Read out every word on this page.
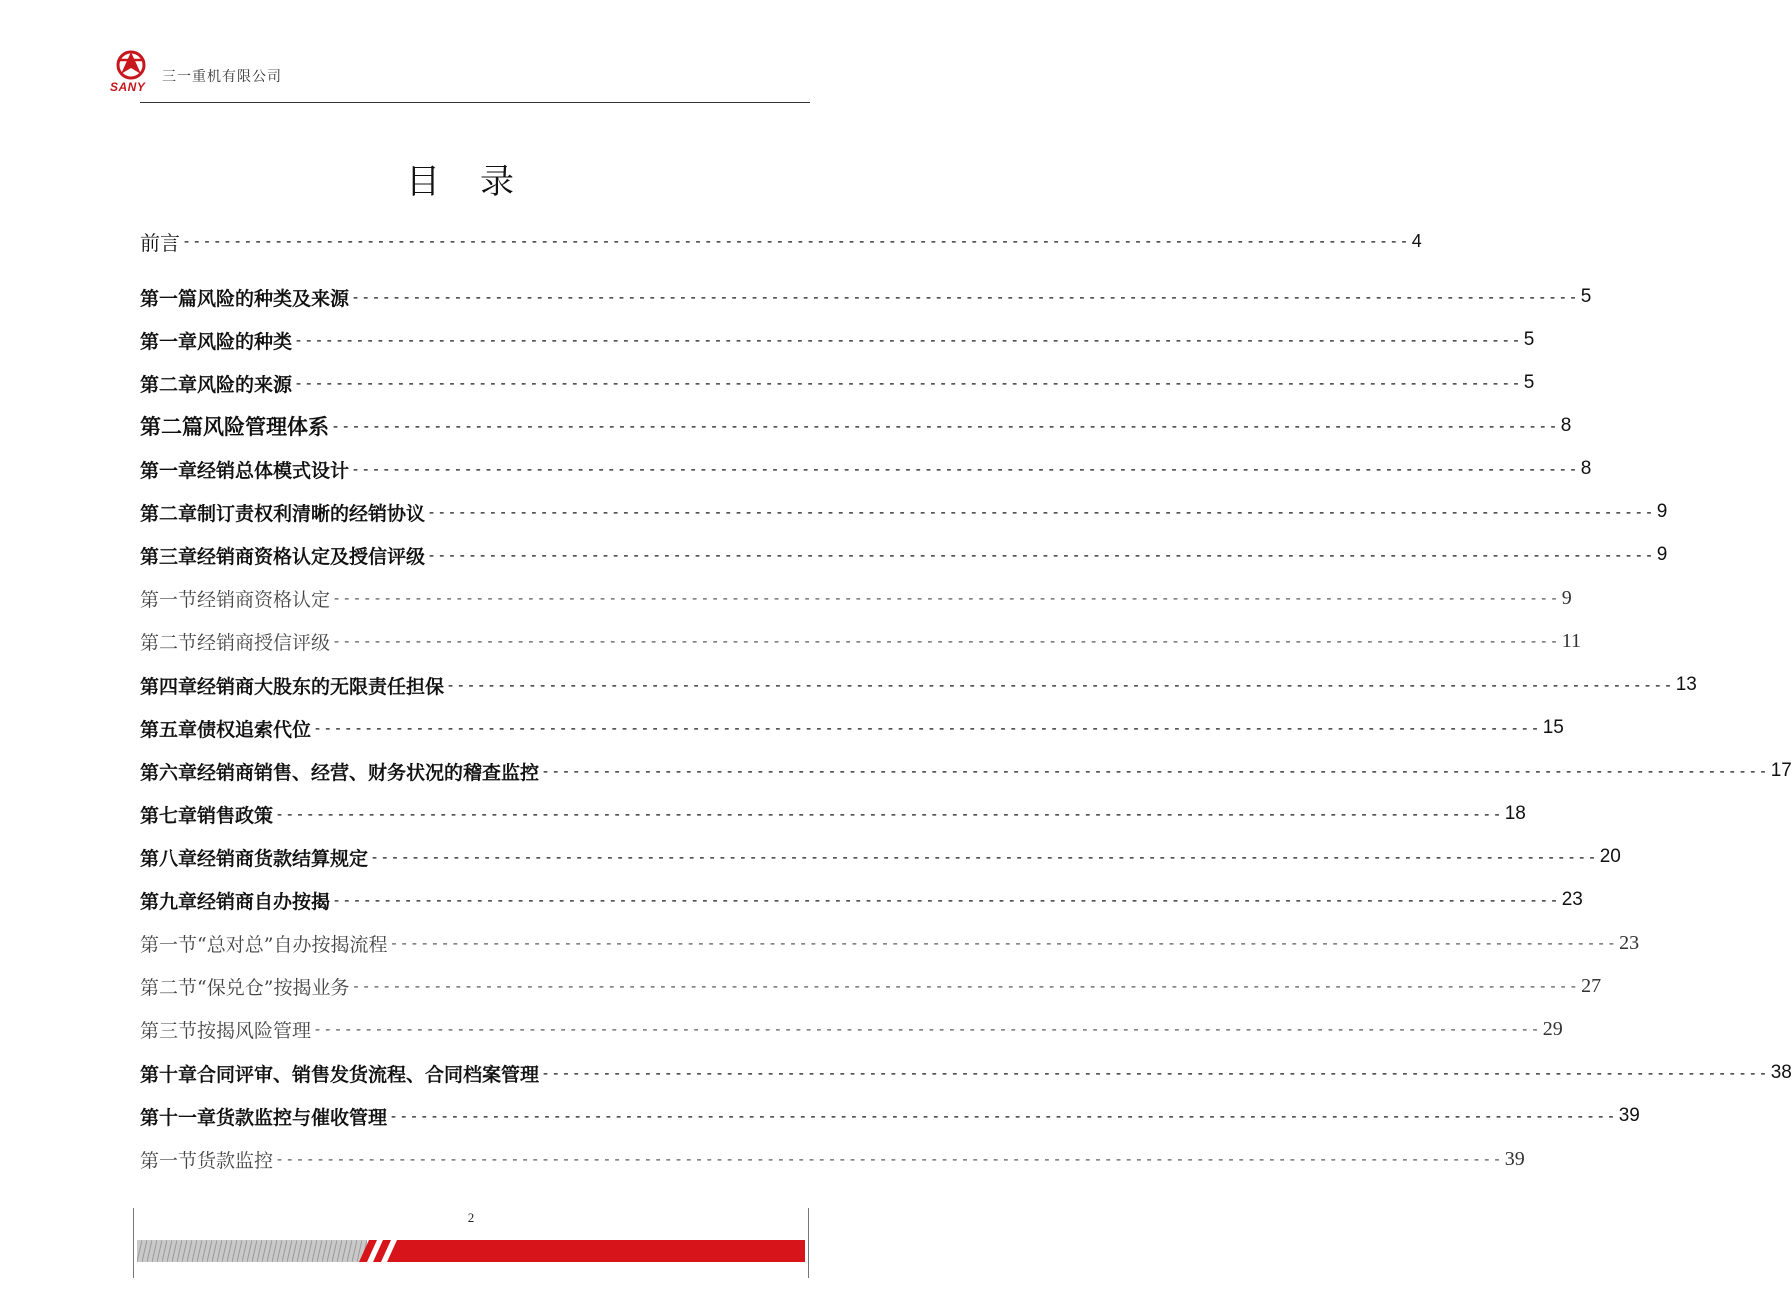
SANY
三一重机有限公司
目录
前言 ------------------------------------------------------------------------------------------------------------------------ 4
第一篇 风险的种类及来源 ------------------------------------------------------------------------------------------------------------------------ 5
第一章 风险的种类 ------------------------------------------------------------------------------------------------------------------------ 5
第二章 风险的来源 ------------------------------------------------------------------------------------------------------------------------ 5
第二篇 风险管理体系 ------------------------------------------------------------------------------------------------------------------------ 8
第一章 经销总体模式设计 ------------------------------------------------------------------------------------------------------------------------ 8
第二章 制订责权利清晰的经销协议 ------------------------------------------------------------------------------------------------------------------------ 9
第三章 经销商资格认定及授信评级 ------------------------------------------------------------------------------------------------------------------------ 9
第一节 经销商资格认定 ------------------------------------------------------------------------------------------------------------------------ 9
第二节 经销商授信评级 ------------------------------------------------------------------------------------------------------------------------ 11
第四章 经销商大股东的无限责任担保 ------------------------------------------------------------------------------------------------------------------------ 13
第五章 债权追索代位 ------------------------------------------------------------------------------------------------------------------------ 15
第六章 经销商销售、经营、财务状况的稽查监控 ------------------------------------------------------------------------------------------------------------------------ 17
第七章 销售政策 ------------------------------------------------------------------------------------------------------------------------ 18
第八章 经销商货款结算规定 ------------------------------------------------------------------------------------------------------------------------ 20
第九章 经销商自办按揭 ------------------------------------------------------------------------------------------------------------------------ 23
第一节 “总对总”自办按揭流程 ------------------------------------------------------------------------------------------------------------------------ 23
第二节 “保兑仓”按揭业务 ------------------------------------------------------------------------------------------------------------------------ 27
第三节 按揭风险管理 ------------------------------------------------------------------------------------------------------------------------ 29
第十章 合同评审、销售发货流程、合同档案管理 ------------------------------------------------------------------------------------------------------------------------ 38
第十一章 货款监控与催收管理 ------------------------------------------------------------------------------------------------------------------------ 39
第一节 货款监控 ------------------------------------------------------------------------------------------------------------------------ 39
2
